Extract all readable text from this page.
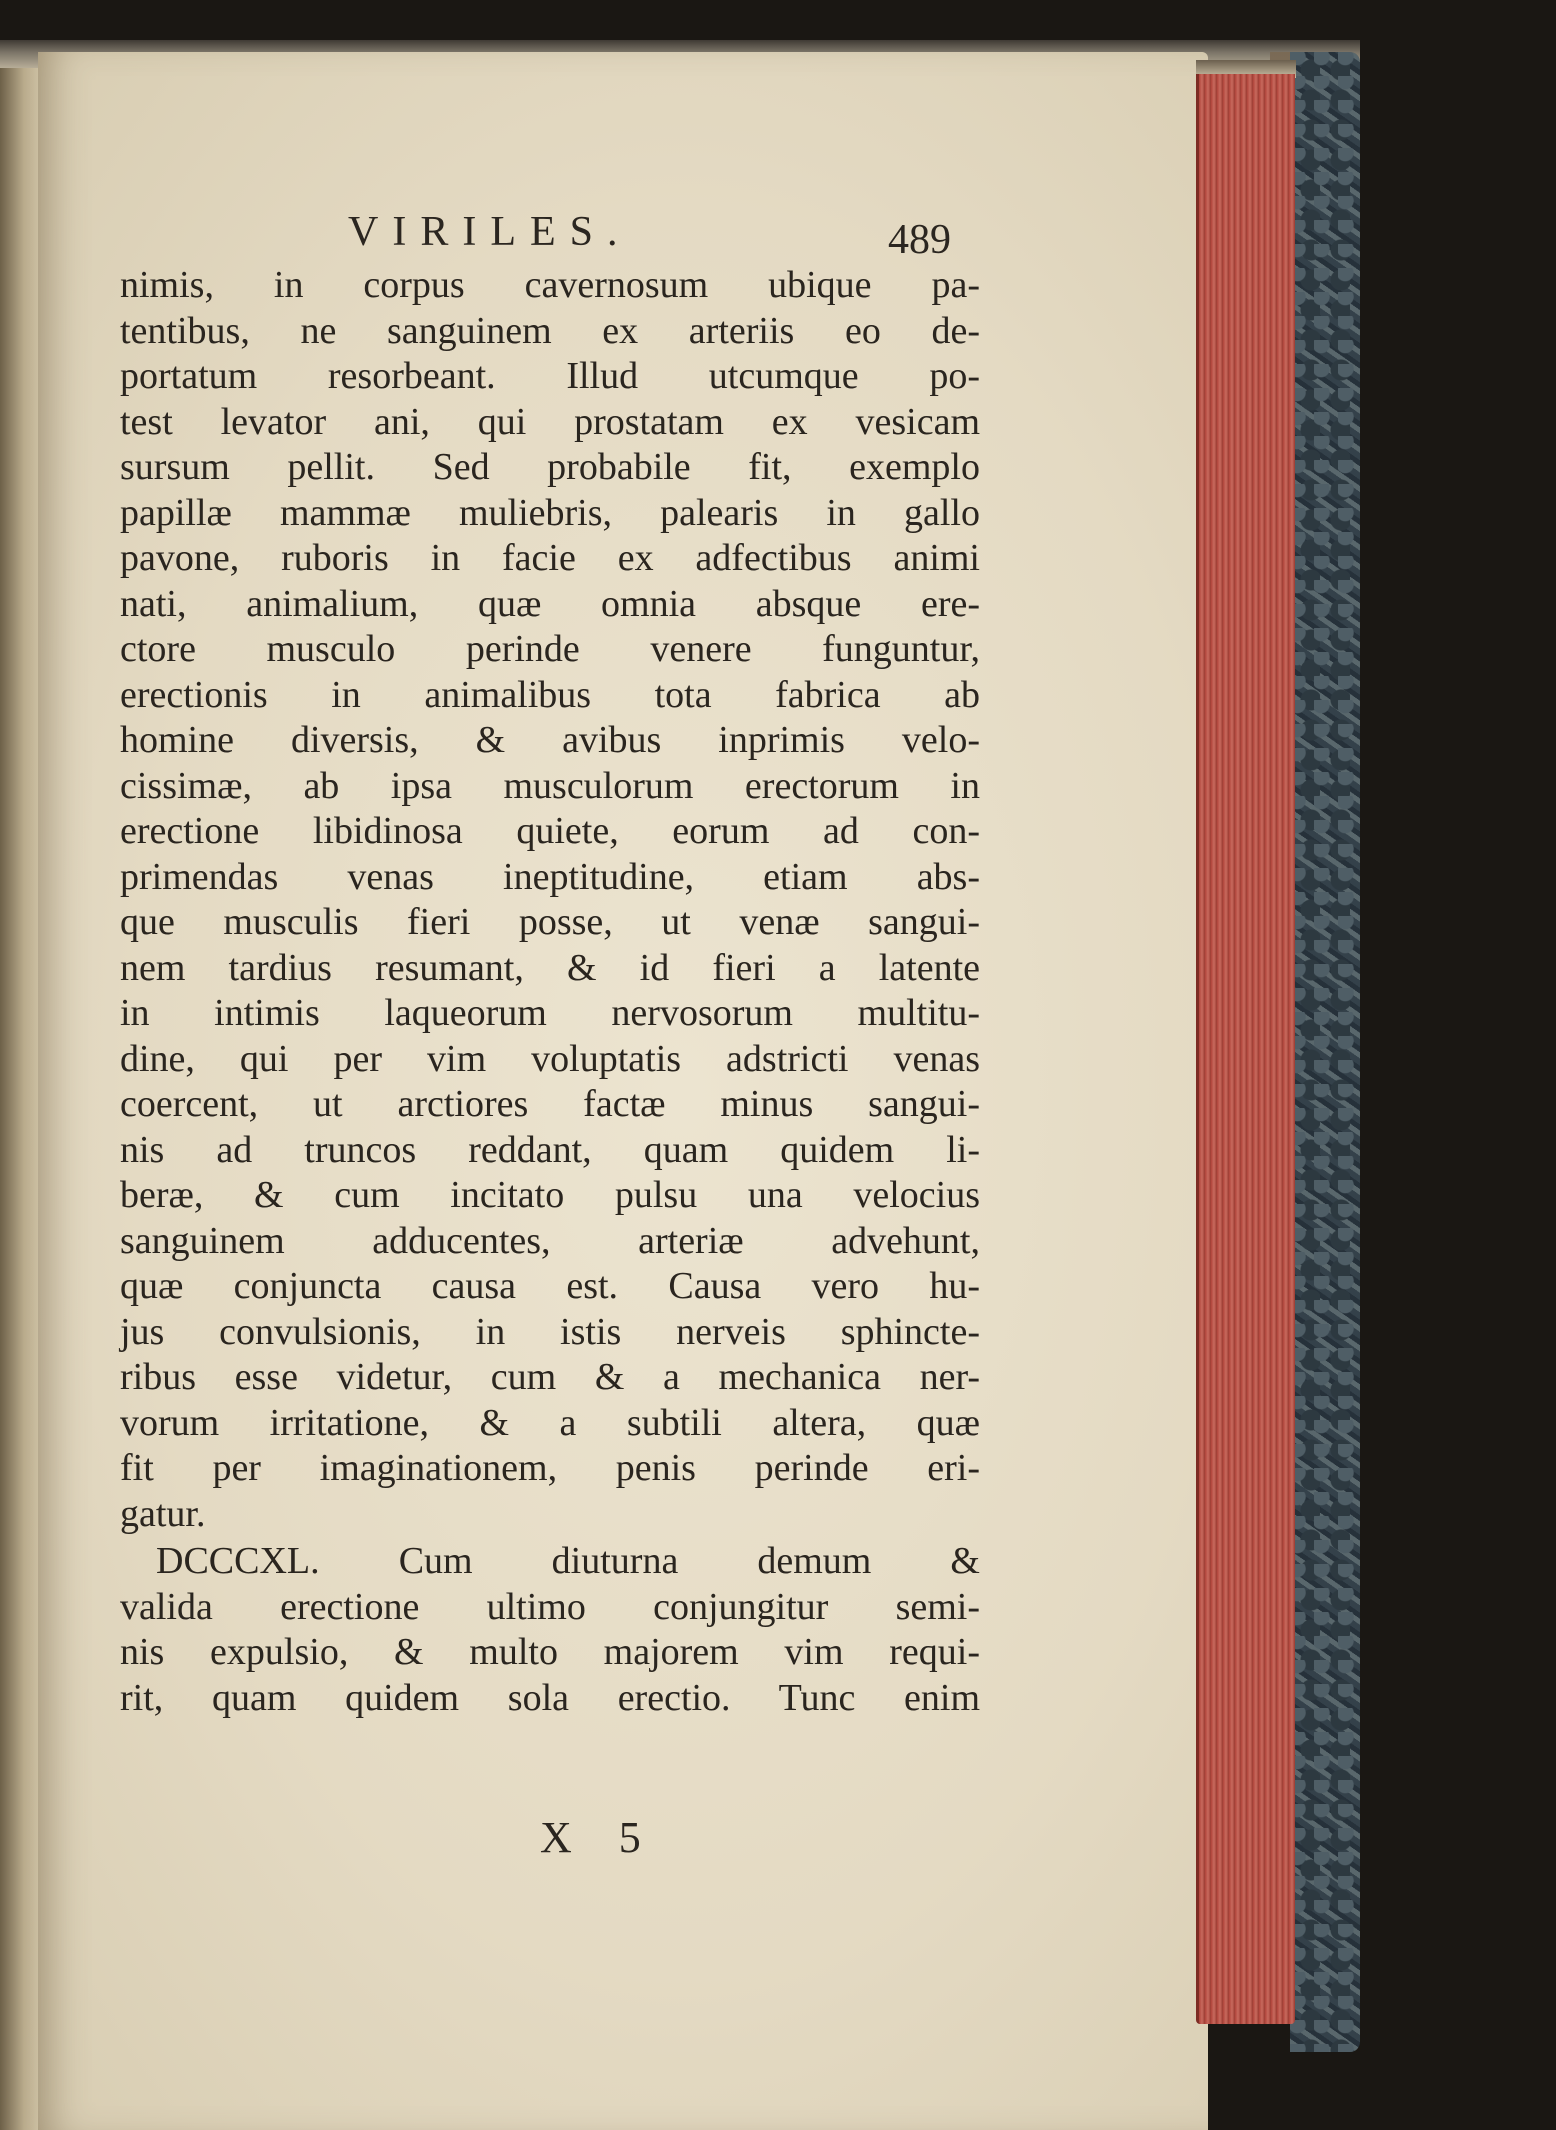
VIRILES.	489
nimis, in corpus cavernosum ubique pa-
tentibus, ne sanguinem ex arteriis eo de-
portatum resorbeant. Illud utcumque po-
test levator ani, qui prostatam ex vesicam
sursum pellit. Sed probabile fit, exemplo
papillæ mammæ muliebris, palearis in gallo
pavone, ruboris in facie ex adfectibus animi
nati, animalium, quæ omnia absque ere-
ctore musculo perinde venere funguntur,
erectionis in animalibus tota fabrica ab
homine diversis, & avibus inprimis velo-
cissimæ, ab ipsa musculorum erectorum in
erectione libidinosa quiete, eorum ad con-
primendas venas ineptitudine, etiam abs-
que musculis fieri posse, ut venæ sangui-
nem tardius resumant, & id fieri a latente
in intimis laqueorum nervosorum multitu-
dine, qui per vim voluptatis adstricti venas
coercent, ut arctiores factæ minus sangui-
nis ad truncos reddant, quam quidem li-
beræ, & cum incitato pulsu una velocius
sanguinem adducentes, arteriæ advehunt,
quæ conjuncta causa est. Causa vero hu-
jus convulsionis, in istis nerveis sphincte-
ribus esse videtur, cum & a mechanica ner-
vorum irritatione, & a subtili altera, quæ
fit per imaginationem, penis perinde eri-
gatur.
DCCCXL. Cum diuturna demum &
valida erectione ultimo conjungitur semi-
nis expulsio, & multo majorem vim requi-
rit, quam quidem sola erectio. Tunc enim
X 5
